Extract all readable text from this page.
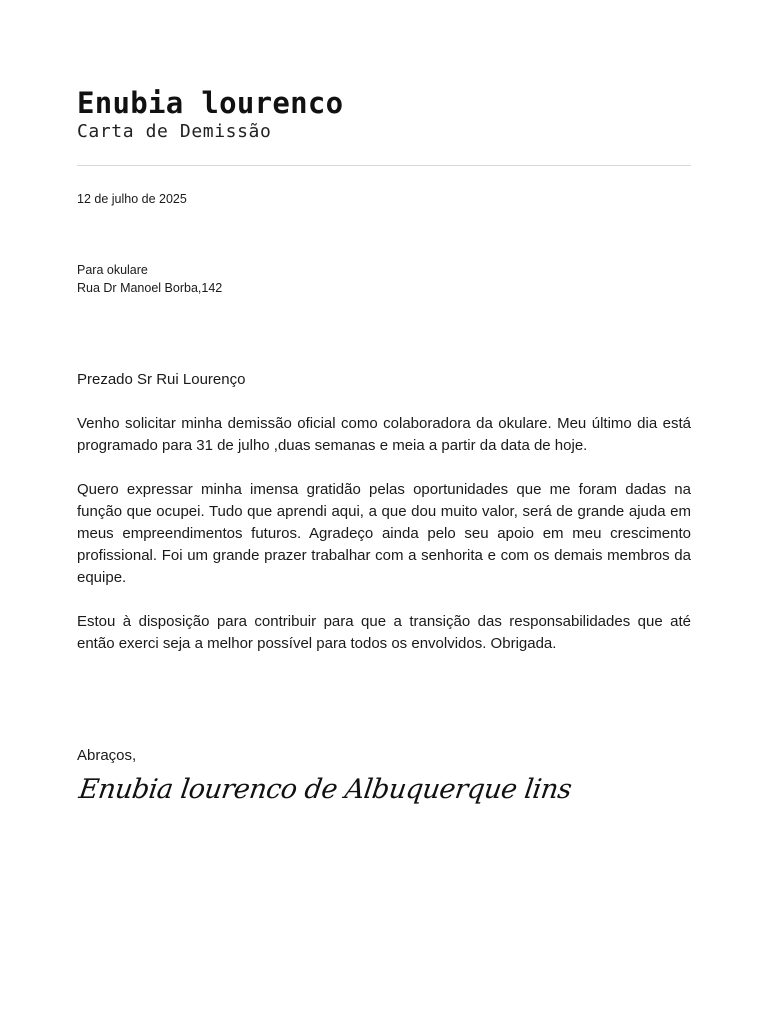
Enubia lourenco
Carta de Demissão
12 de julho de 2025
Para okulare
Rua Dr Manoel Borba,142
Prezado Sr Rui Lourenço

Venho solicitar minha demissão oficial como colaboradora da okulare. Meu último dia está programado para 31 de julho ,duas semanas e meia a partir da data de hoje.

Quero expressar minha imensa gratidão pelas oportunidades que me foram dadas na função que ocupei. Tudo que aprendi aqui, a que dou muito valor, será de grande ajuda em meus empreendimentos futuros. Agradeço ainda pelo seu apoio em meu crescimento profissional. Foi um grande prazer trabalhar com a senhorita e com os demais membros da equipe.

Estou à disposição para contribuir para que a transição das responsabilidades que até então exerci seja a melhor possível para todos os envolvidos. Obrigada.

Abraços,
Enubia lourenco de Albuquerque lins
